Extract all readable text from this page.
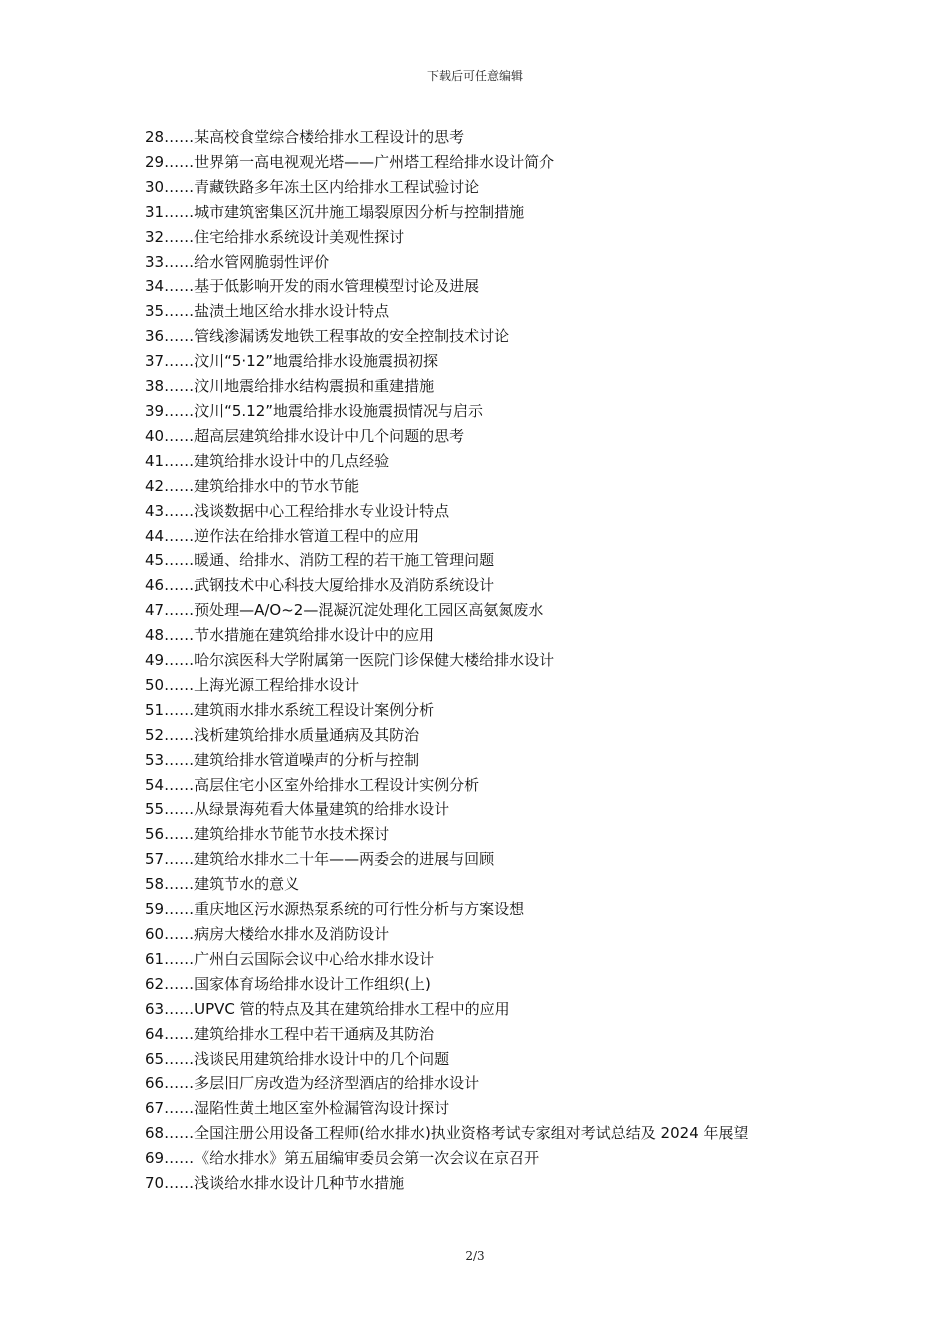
下载后可任意编辑
28……某高校食堂综合楼给排水工程设计的思考
29……世界第一高电视观光塔——广州塔工程给排水设计简介
30……青藏铁路多年冻土区内给排水工程试验讨论
31……城市建筑密集区沉井施工塌裂原因分析与控制措施
32……住宅给排水系统设计美观性探讨
33……给水管网脆弱性评价
34……基于低影响开发的雨水管理模型讨论及进展
35……盐渍土地区给水排水设计特点
36……管线渗漏诱发地铁工程事故的安全控制技术讨论
37……汶川“5·12”地震给排水设施震损初探
38……汶川地震给排水结构震损和重建措施
39……汶川“5.12”地震给排水设施震损情况与启示
40……超高层建筑给排水设计中几个问题的思考
41……建筑给排水设计中的几点经验
42……建筑给排水中的节水节能
43……浅谈数据中心工程给排水专业设计特点
44……逆作法在给排水管道工程中的应用
45……暖通、给排水、消防工程的若干施工管理问题
46……武钢技术中心科技大厦给排水及消防系统设计
47……预处理—A/O~2—混凝沉淀处理化工园区高氨氮废水
48……节水措施在建筑给排水设计中的应用
49……哈尔滨医科大学附属第一医院门诊保健大楼给排水设计
50……上海光源工程给排水设计
51……建筑雨水排水系统工程设计案例分析
52……浅析建筑给排水质量通病及其防治
53……建筑给排水管道噪声的分析与控制
54……高层住宅小区室外给排水工程设计实例分析
55……从绿景海苑看大体量建筑的给排水设计
56……建筑给排水节能节水技术探讨
57……建筑给水排水二十年——两委会的进展与回顾
58……建筑节水的意义
59……重庆地区污水源热泵系统的可行性分析与方案设想
60……病房大楼给水排水及消防设计
61……广州白云国际会议中心给水排水设计
62……国家体育场给排水设计工作组织(上)
63……UPVC 管的特点及其在建筑给排水工程中的应用
64……建筑给排水工程中若干通病及其防治
65……浅谈民用建筑给排水设计中的几个问题
66……多层旧厂房改造为经济型酒店的给排水设计
67……湿陷性黄土地区室外检漏管沟设计探讨
68……全国注册公用设备工程师(给水排水)执业资格考试专家组对考试总结及 2024 年展望
69……《给水排水》第五届编审委员会第一次会议在京召开
70……浅谈给水排水设计几种节水措施
2/3
